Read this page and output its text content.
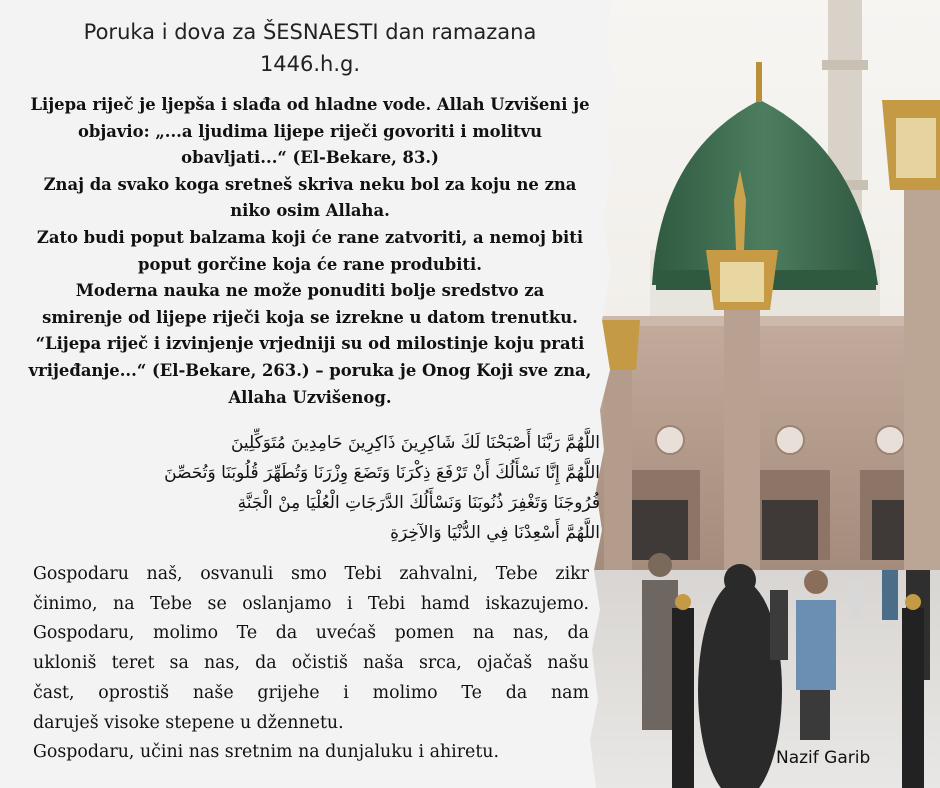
Poruka i dova za ŠESNAESTI dan ramazana
1446.h.g.
Lijepa riječ je ljepša i slađa od hladne vode. Allah Uzvišeni je
objavio: „...a ljudima lijepe riječi govoriti i molitvu
obavljati...“ (El-Bekare, 83.)
Znaj da svako koga sretneš skriva neku bol za koju ne zna
niko osim Allaha.
Zato budi poput balzama koji će rane zatvoriti, a nemoj biti
poput gorčine koja će rane produbiti.
Moderna nauka ne može ponuditi bolje sredstvo za
smirenje od lijepe riječi koja se izrekne u datom trenutku.
“Lijepa riječ i izvinjenje vrjedniji su od milostinje koju prati
vrijeđanje...“ (El-Bekare, 263.) – poruka je Onog Koji sve zna,
Allaha Uzvišenog.
اللَّهُمَّ رَبَّنَا أَصْبَحْنَا لَكَ شَاكِرِينَ ذَاكِرِينَ حَامِدِينَ مُتَوَكِّلِينَ
اللَّهُمَّ إِنَّا نَسْأَلُكَ أَنْ تَرْفَعَ ذِكْرَنَا وَتَضَعَ وِزْرَنَا وَتُطَهِّرَ قُلُوبَنَا وَتُحَصِّنَ
فُرُوجَنَا وَتَغْفِرَ ذُنُوبَنَا وَنَسْأَلُكَ الدَّرَجَاتِ الْعُلْيَا مِنْ الْجَنَّةِ
اللَّهُمَّ أَسْعِدْنَا فِي الدُّنْيَا وَالآخِرَةِ
Gospodaru naš, osvanuli smo Tebi zahvalni, Tebe zikr
činimo, na Tebe se oslanjamo i Tebi hamd iskazujemo.
Gospodaru, molimo Te da uvećaš pomen na nas, da
ukloniš teret sa nas, da očistiš naša srca, ojačaš našu
čast, oprostiš naše grijehe i molimo Te da nam
daruješ visoke stepene u džennetu.
Gospodaru, učini nas sretnim na dunjaluku i ahiretu.	Nazif Garib
